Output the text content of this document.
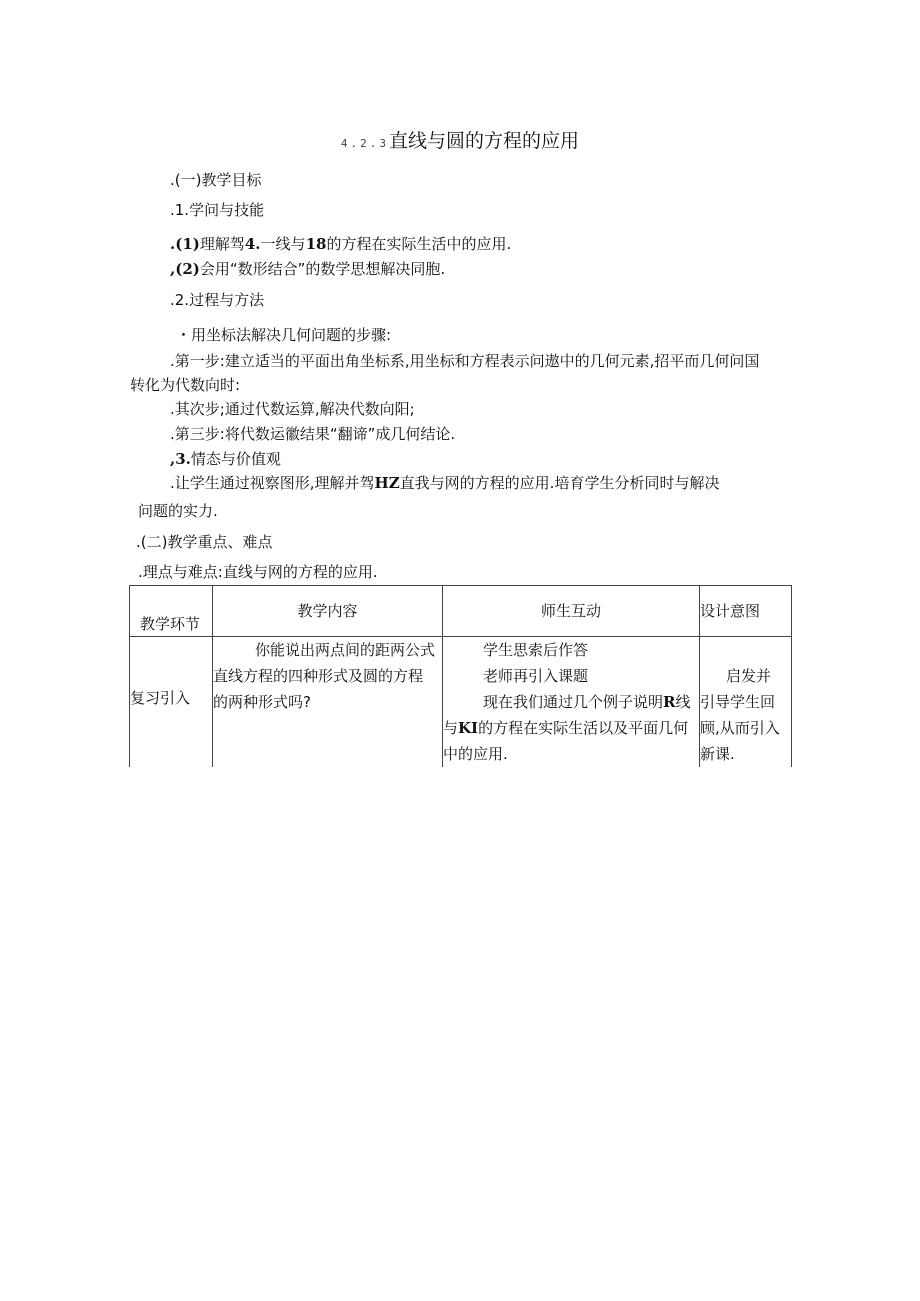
4.2.3直线与圆的方程的应用
.(一)教学目标
.1.学问与技能
.(1)理解驾4.一线与18的方程在实际生活中的应用.
,(2)会用“数形结合”的数学思想解决同胞.
.2.过程与方法
・用坐标法解决几何问题的步骤:
.第一步:建立适当的平面出角坐标系,用坐标和方程表示问遨中的几何元素,招平而几何问国
转化为代数向时:
.其次步;通过代数运算,解决代数向阳;
.第三步:将代数运徽结果“翻谛”成几何结论.
,3.情态与价值观
.让学生通过视察图形,理解并驾HZ直我与网的方程的应用.培育学生分析同时与解决
问题的实力.
.(二)教学重点、难点
.理点与难点:直线与网的方程的应用.
教学环节	教学内容	师生互动	设计意图

复习引入	你能说出两点间的距两公式
直线方程的四种形式及圆的方程
的两种形式吗?	学生思索后作答
老师再引入课题
现在我们通过几个例子说明R线
与KI的方程在实际生活以及平面几何
中的应用.	启发并
引导学生回
顾,从而引入
新课.
